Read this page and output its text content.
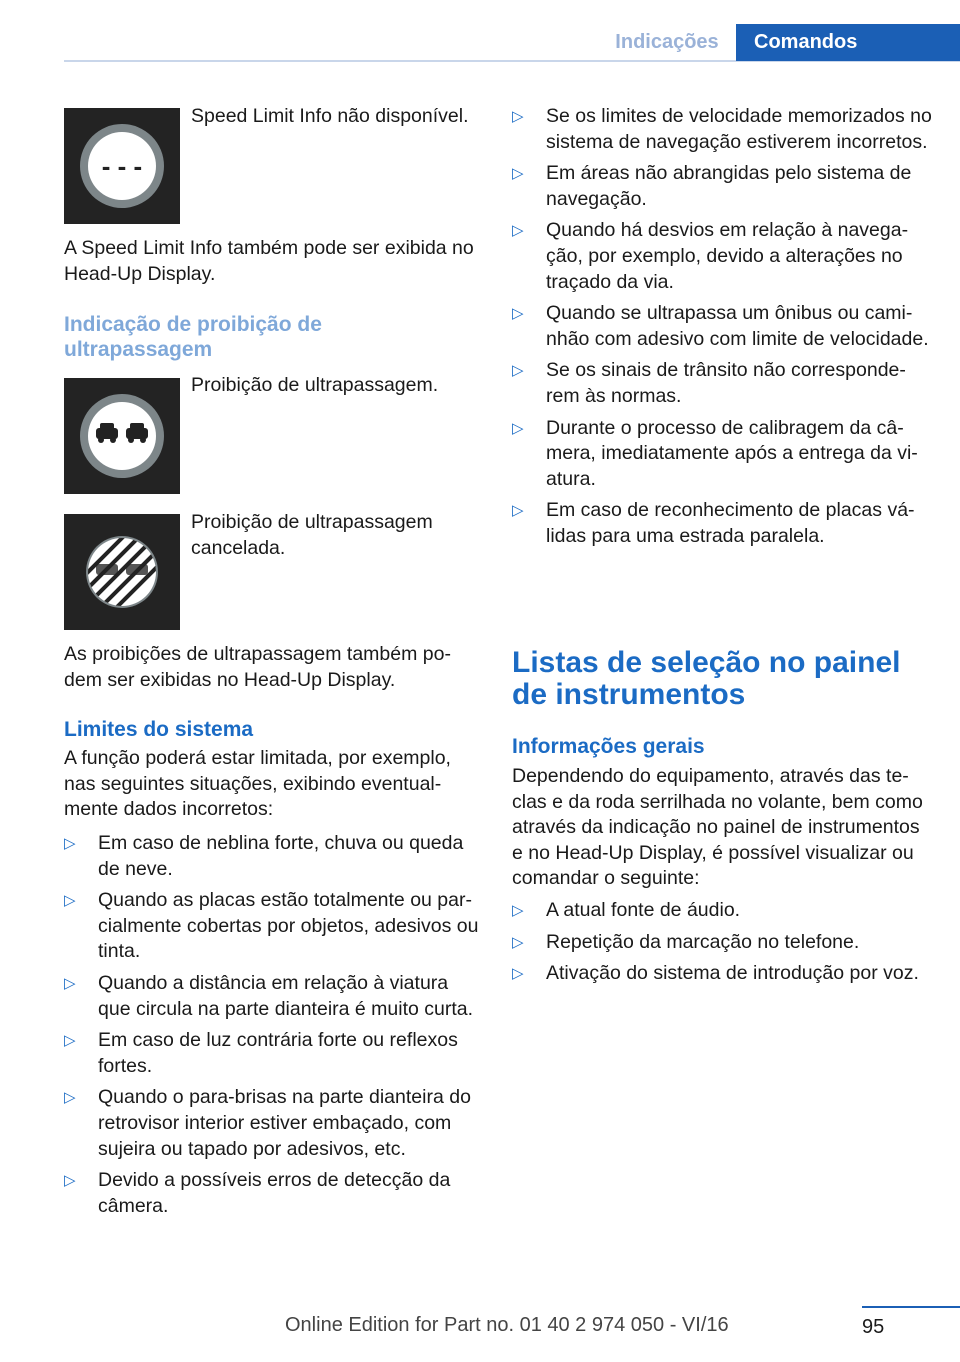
Indicações	Comandos
- - -

Speed Limit Info não disponível.

A Speed Limit Info também pode ser exibida no Head-Up Display.

Indicação de proibição de ultrapassagem

Proibição de ultrapassagem.

Proibição de ultrapassagem cancelada.

As proibições de ultrapassagem também podem ser exibidas no Head-Up Display.

Limites do sistema

A função poderá estar limitada, por exemplo, nas seguintes situações, exibindo eventualmente dados incorretos:

▷ Em caso de neblina forte, chuva ou queda de neve.
▷ Quando as placas estão totalmente ou parcialmente cobertas por objetos, adesivos ou tinta.
▷ Quando a distância em relação à viatura que circula na parte dianteira é muito curta.
▷ Em caso de luz contrária forte ou reflexos fortes.
▷ Quando o para-brisas na parte dianteira do retrovisor interior estiver embaçado, com sujeira ou tapado por adesivos, etc.
▷ Devido a possíveis erros de detecção da câmera.
▷ Se os limites de velocidade memorizados no sistema de navegação estiverem incorretos.
▷ Em áreas não abrangidas pelo sistema de navegação.
▷ Quando há desvios em relação à navegação, por exemplo, devido a alterações no traçado da via.
▷ Quando se ultrapassa um ônibus ou caminhão com adesivo com limite de velocidade.
▷ Se os sinais de trânsito não corresponderem às normas.
▷ Durante o processo de calibragem da câmera, imediatamente após a entrega da viatura.
▷ Em caso de reconhecimento de placas válidas para uma estrada paralela.
Listas de seleção no painel de instrumentos
Informações gerais

Dependendo do equipamento, através das teclas e da roda serrilhada no volante, bem como através da indicação no painel de instrumentos e no Head-Up Display, é possível visualizar ou comandar o seguinte:

▷ A atual fonte de áudio.
▷ Repetição da marcação no telefone.
▷ Ativação do sistema de introdução por voz.
95
Online Edition for Part no. 01 40 2 974 050 - VI/16
